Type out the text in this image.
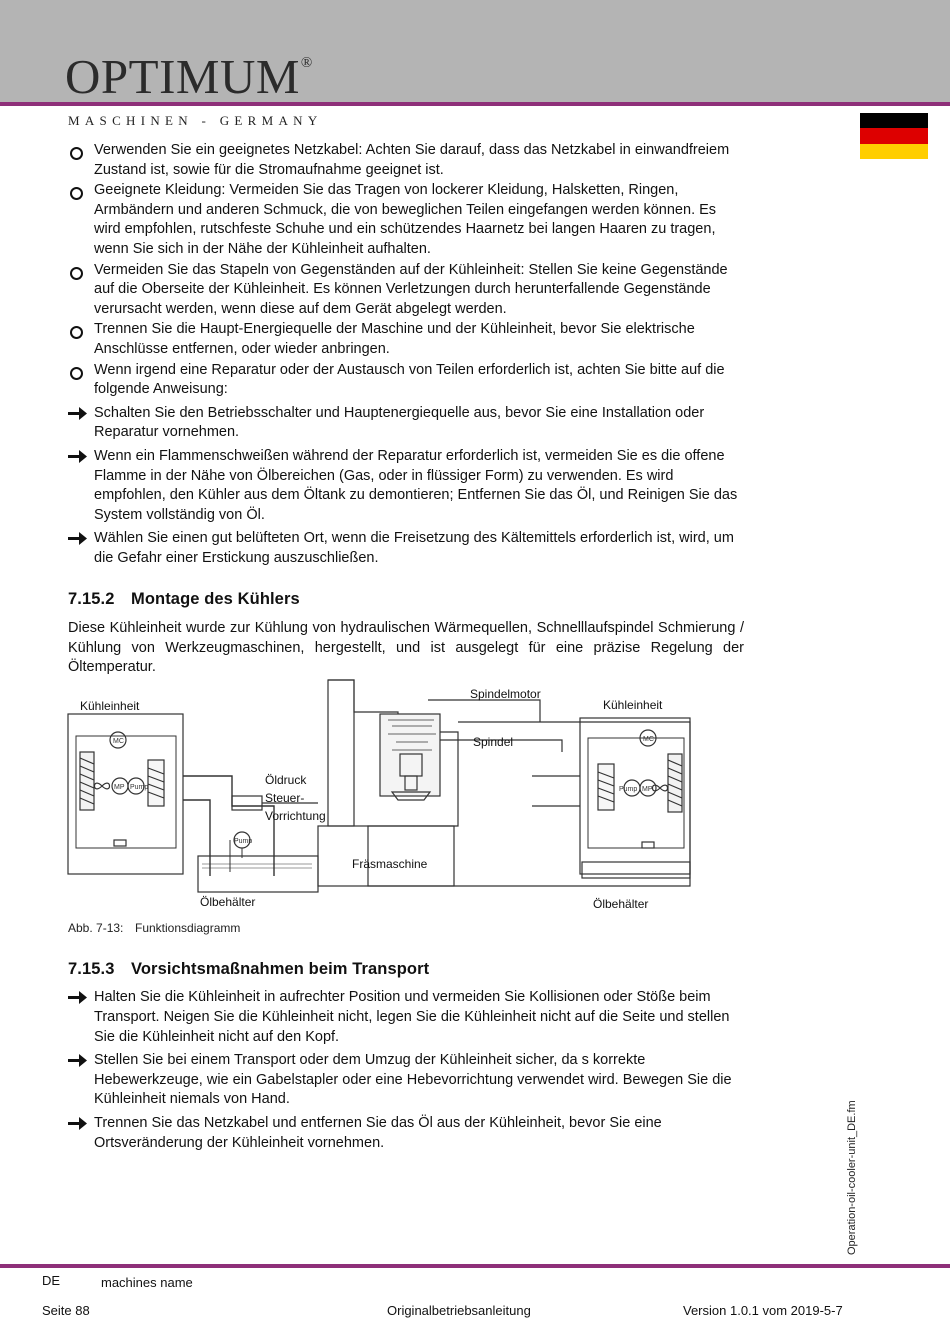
OPTIMUM®
MASCHINEN - GERMANY
Verwenden Sie ein geeignetes Netzkabel: Achten Sie darauf, dass das Netzkabel in einwandfreiem Zustand ist, sowie für die Stromaufnahme geeignet ist.
Geeignete Kleidung: Vermeiden Sie das Tragen von lockerer Kleidung, Halsketten, Ringen, Armbändern und anderen Schmuck, die von beweglichen Teilen eingefangen werden können. Es wird empfohlen, rutschfeste Schuhe und ein schützendes Haarnetz bei langen Haaren zu tragen, wenn Sie sich in der Nähe der Kühleinheit aufhalten.
Vermeiden Sie das Stapeln von Gegenständen auf der Kühleinheit: Stellen Sie keine Gegenstände auf die Oberseite der Kühleinheit. Es können Verletzungen durch herunterfallende Gegenstände verursacht werden, wenn diese auf dem Gerät abgelegt werden.
Trennen Sie die Haupt-Energiequelle der Maschine und der Kühleinheit, bevor Sie elektrische Anschlüsse entfernen, oder wieder anbringen.
Wenn irgend eine Reparatur oder der Austausch von Teilen erforderlich ist, achten Sie bitte auf die folgende Anweisung:
Schalten Sie den Betriebsschalter und Hauptenergiequelle aus, bevor Sie eine Installation oder Reparatur vornehmen.
Wenn ein Flammenschweißen während der Reparatur erforderlich ist, vermeiden Sie es die offene Flamme in der Nähe von Ölbereichen (Gas, oder in flüssiger Form) zu verwenden. Es wird empfohlen, den Kühler aus dem Öltank zu demontieren; Entfernen Sie das Öl, und Reinigen Sie das System vollständig von Öl.
Wählen Sie einen gut belüfteten Ort, wenn die Freisetzung des Kältemittels erforderlich ist, wird, um die Gefahr einer Erstickung auszuschließen.
7.15.2 Montage des Kühlers

Diese Kühleinheit wurde zur Kühlung von hydraulischen Wärmequellen, Schnelllaufspindel Schmierung / Kühlung von Werkzeugmaschinen, hergestellt, und ist ausgelegt für eine präzise Regelung der Öltemperatur.

7.15.3 Vorsichtsmaßnahmen beim Transport
Halten Sie die Kühleinheit in aufrechter Position und vermeiden Sie Kollisionen oder Stöße beim Transport. Neigen Sie die Kühleinheit nicht, legen Sie die Kühleinheit nicht auf die Seite und stellen Sie die Kühleinheit nicht auf den Kopf.
Stellen Sie bei einem Transport oder dem Umzug der Kühleinheit sicher, da s korrekte Hebewerkzeuge, wie ein Gabelstapler oder eine Hebevorrichtung verwendet wird. Bewegen Sie die Kühleinheit niemals von Hand.
Trennen Sie das Netzkabel und entfernen Sie das Öl aus der Kühleinheit, bevor Sie eine Ortsveränderung der Kühleinheit vornehmen.
Kühleinheit	Kühleinheit
Spindelmotor
Spindel
Öldruck
Steuer-
Vorrichtung
Fräsmaschine
Ölbehälter	Ölbehälter
MC	MC
MP	MP
Pump	Pump
Pump
Abb. 7-13: Funktionsdiagramm
Operation-oil-cooler-unit_DE.fm
DE	machines name
Seite 88	Originalbetriebsanleitung	Version 1.0.1 vom 2019-5-7
